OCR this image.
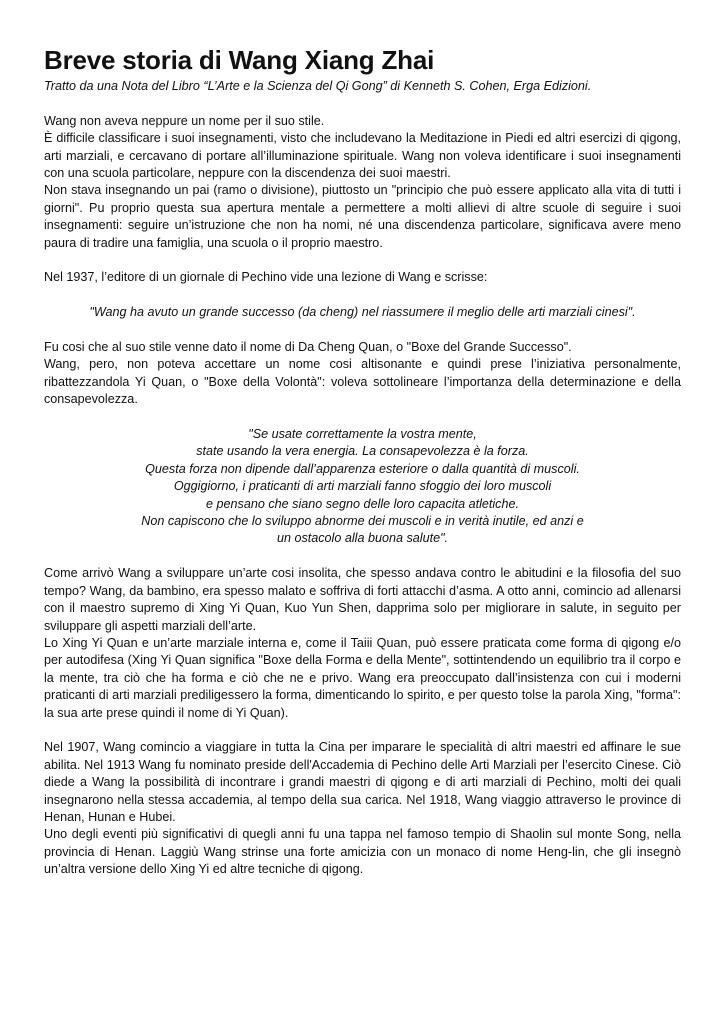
Breve storia di Wang Xiang Zhai

Tratto da una Nota del Libro “L’Arte e la Scienza del Qi Gong” di Kenneth S. Cohen, Erga Edizioni.

Wang non aveva neppure un nome per il suo stile.

È difficile classificare i suoi insegnamenti, visto che includevano la Meditazione in Piedi ed altri esercizi di qigong, arti marziali, e cercavano di portare all’illuminazione spirituale. Wang non voleva identificare i suoi insegnamenti con una scuola particolare, neppure con la discendenza dei suoi maestri.

Non stava insegnando un pai (ramo o divisione), piuttosto un "principio che può essere applicato alla vita di tutti i giorni". Pu proprio questa sua apertura mentale a permettere a molti allievi di altre scuole di seguire i suoi insegnamenti: seguire un’istruzione che non ha nomi, né una discendenza particolare, significava avere meno paura di tradire una famiglia, una scuola o il proprio maestro.

Nel 1937, l’editore di un giornale di Pechino vide una lezione di Wang e scrisse:

"Wang ha avuto un grande successo (da cheng) nel riassumere il meglio delle arti marziali cinesi".

Fu cosi che al suo stile venne dato il nome di Da Cheng Quan, o "Boxe del Grande Successo".

Wang, pero, non poteva accettare un nome cosi altisonante e quindi prese l’iniziativa personalmente, ribattezzandola Yi Quan, o "Boxe della Volontà": voleva sottolineare l’importanza della determinazione e della consapevolezza.

"Se usate correttamente la vostra mente,
state usando la vera energia. La consapevolezza è la forza.
Questa forza non dipende dall’apparenza esteriore o dalla quantità di muscoli.
Oggigiorno, i praticanti di arti marziali fanno sfoggio dei loro muscoli
e pensano che siano segno delle loro capacita atletiche.
Non capiscono che lo sviluppo abnorme dei muscoli e in verità inutile, ed anzi e
un ostacolo alla buona salute".

Come arrivò Wang a sviluppare un’arte cosi insolita, che spesso andava contro le abitudini e la filosofia del suo tempo? Wang, da bambino, era spesso malato e soffriva di forti attacchi d’asma. A otto anni, comincio ad allenarsi con il maestro supremo di Xing Yi Quan, Kuo Yun Shen, dapprima solo per migliorare in salute, in seguito per sviluppare gli aspetti marziali dell’arte.

Lo Xing Yi Quan e un’arte marziale interna e, come il Taiii Quan, può essere praticata come forma di qigong e/o per autodifesa (Xing Yi Quan significa "Boxe della Forma e della Mente", sottintendendo un equilibrio tra il corpo e la mente, tra ciò che ha forma e ciò che ne e privo. Wang era preoccupato dall’insistenza con cui i moderni praticanti di arti marziali prediligessero la forma, dimenticando lo spirito, e per questo tolse la parola Xing, "forma": la sua arte prese quindi il nome di Yi Quan).

Nel 1907, Wang comincio a viaggiare in tutta la Cina per imparare le specialità di altri maestri ed affinare le sue abilita. Nel 1913 Wang fu nominato preside dell'Accademia di Pechino delle Arti Marziali per l’esercito Cinese. Ciò diede a Wang la possibilità di incontrare i grandi maestri di qigong e di arti marziali di Pechino, molti dei quali insegnarono nella stessa accademia, al tempo della sua carica. Nel 1918, Wang viaggio attraverso le province di Henan, Hunan e Hubei.

Uno degli eventi più significativi di quegli anni fu una tappa nel famoso tempio di Shaolin sul monte Song, nella provincia di Henan. Laggiù Wang strinse una forte amicizia con un monaco di nome Heng-lin, che gli insegnò un’altra versione dello Xing Yi ed altre tecniche di qigong.
